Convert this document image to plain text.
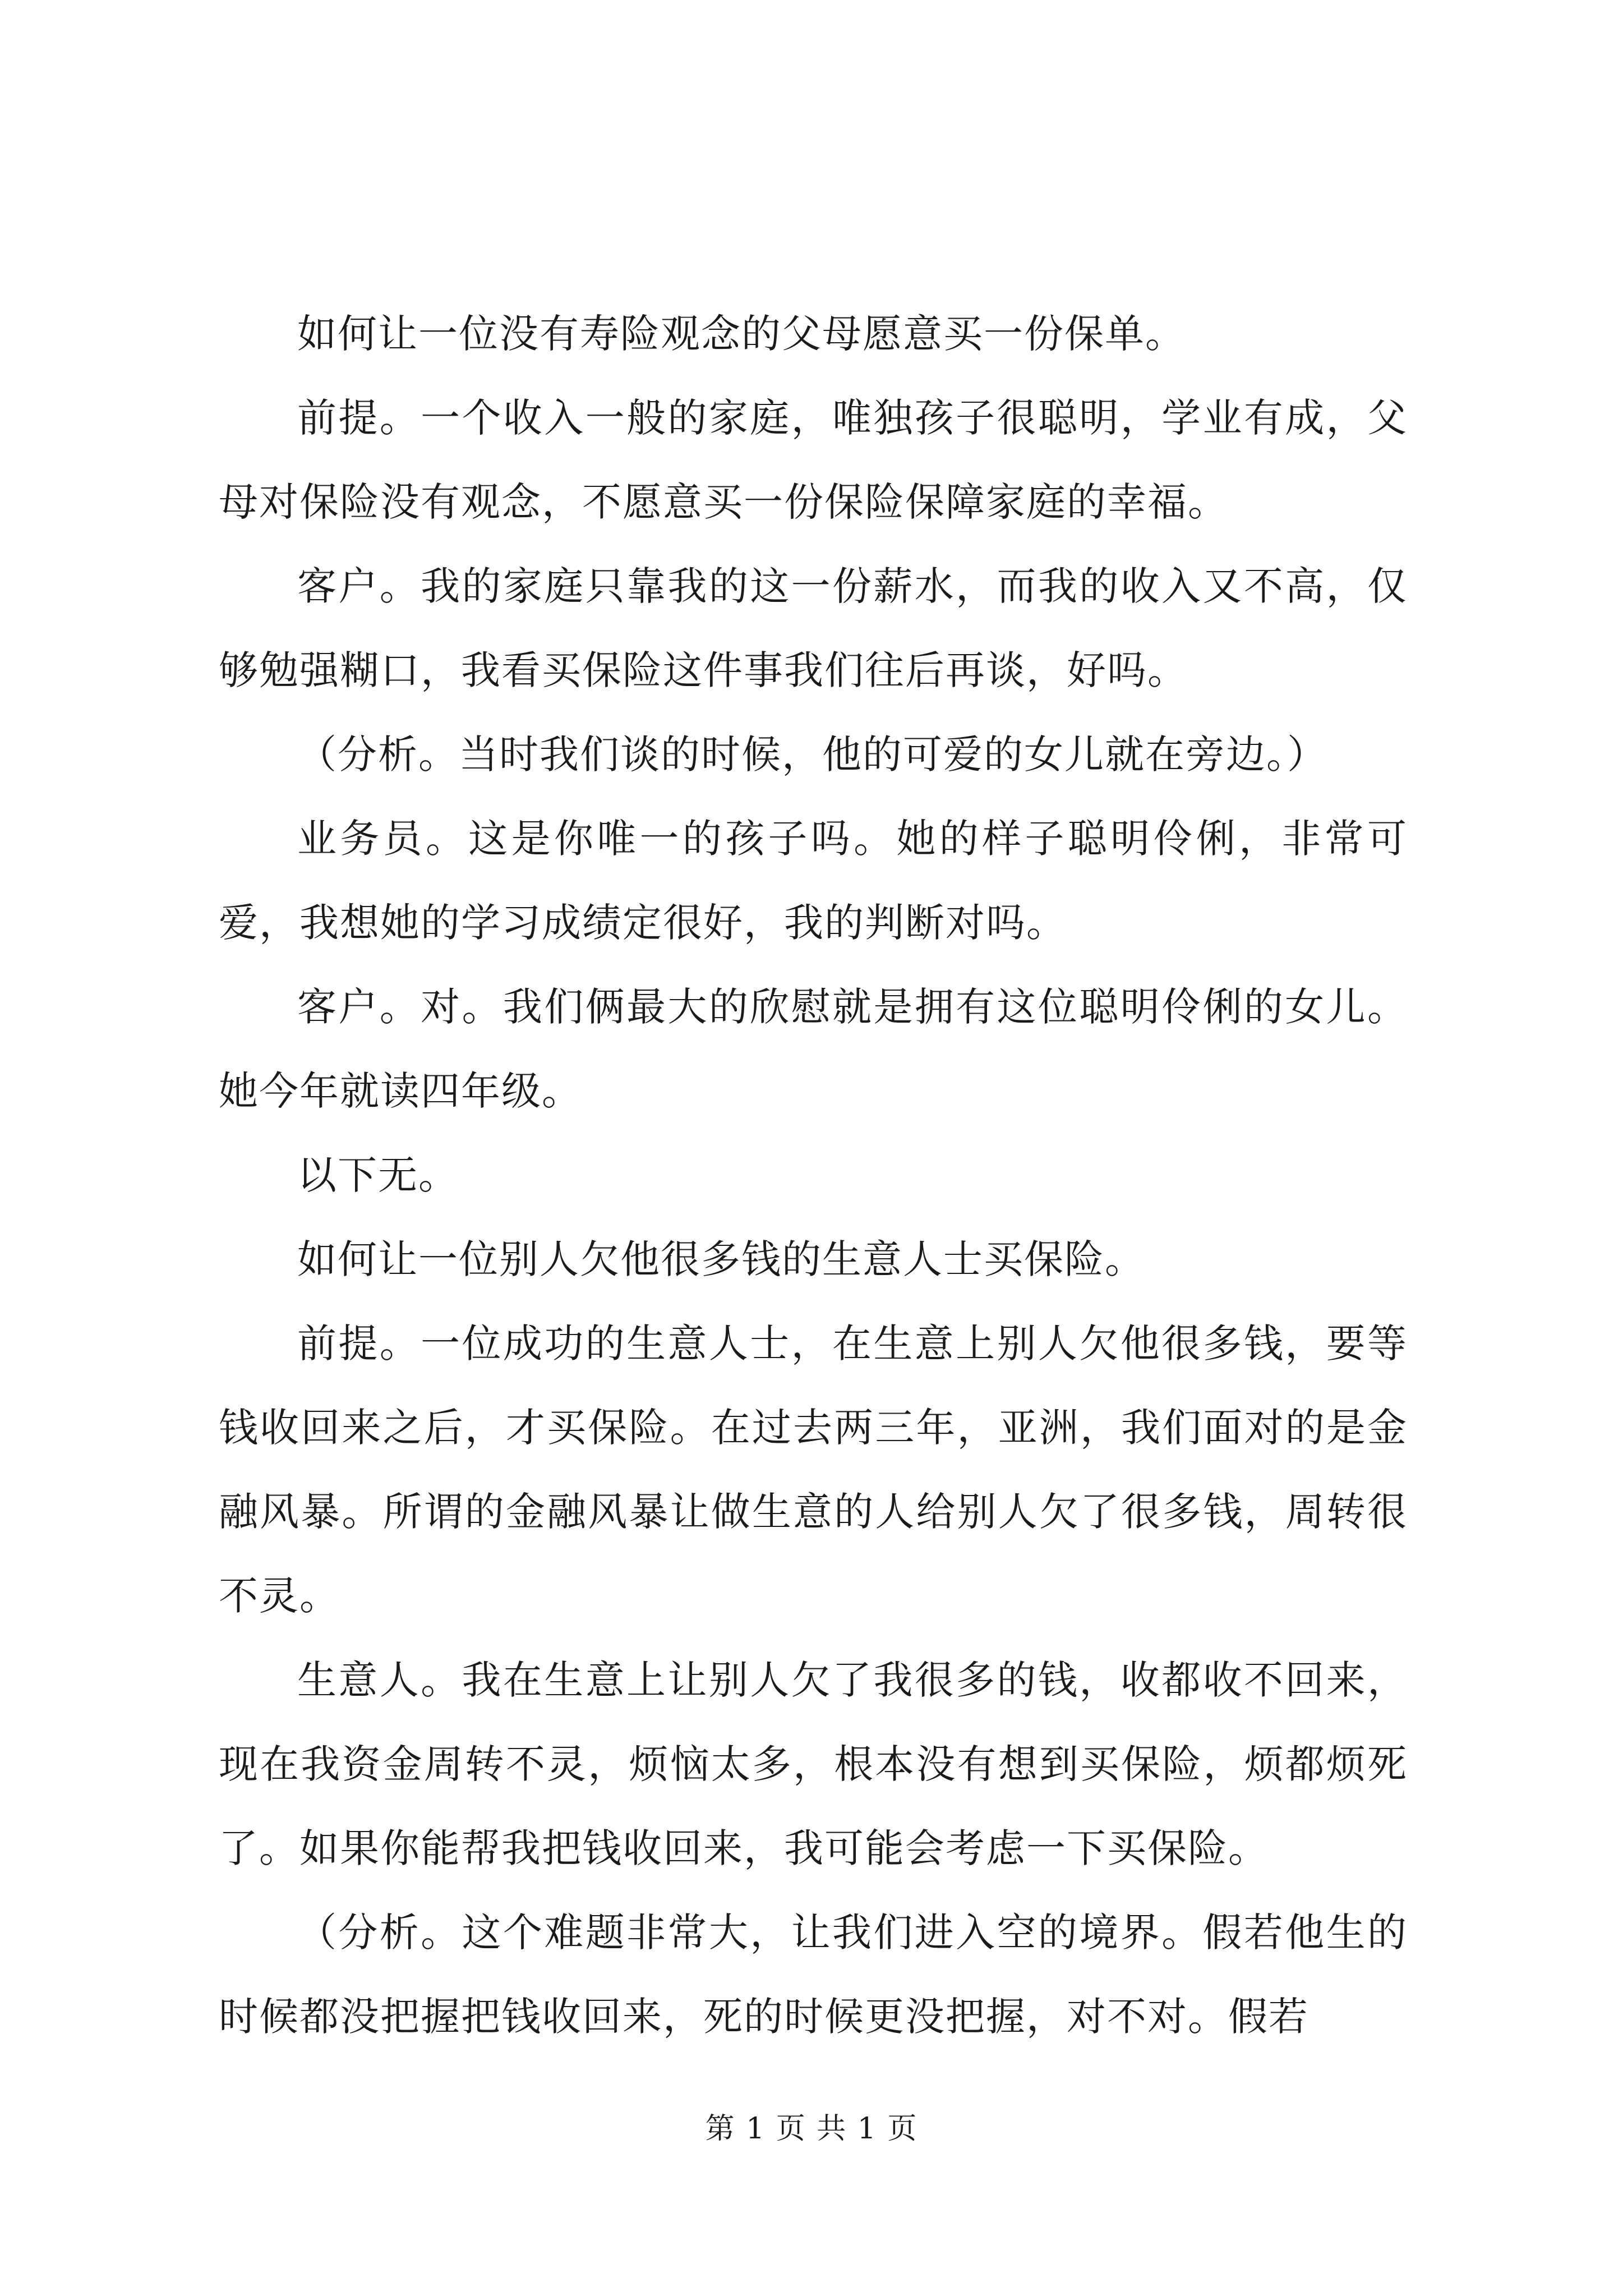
如何让一位没有寿险观念的父母愿意买一份保单。

前提。一个收入一般的家庭，唯独孩子很聪明，学业有成，父母对保险没有观念，不愿意买一份保险保障家庭的幸福。

客户。我的家庭只靠我的这一份薪水，而我的收入又不高，仅够勉强糊口，我看买保险这件事我们往后再谈，好吗。

（分析。当时我们谈的时候，他的可爱的女儿就在旁边。）

业务员。这是你唯一的孩子吗。她的样子聪明伶俐，非常可爱，我想她的学习成绩定很好，我的判断对吗。

客户。对。我们俩最大的欣慰就是拥有这位聪明伶俐的女儿。她今年就读四年级。

以下无。

如何让一位别人欠他很多钱的生意人士买保险。

前提。一位成功的生意人士，在生意上别人欠他很多钱，要等钱收回来之后，才买保险。在过去两三年，亚洲，我们面对的是金融风暴。所谓的金融风暴让做生意的人给别人欠了很多钱，周转很不灵。

生意人。我在生意上让别人欠了我很多的钱，收都收不回来，现在我资金周转不灵，烦恼太多，根本没有想到买保险，烦都烦死了。如果你能帮我把钱收回来，我可能会考虑一下买保险。

（分析。这个难题非常大，让我们进入空的境界。假若他生的时候都没把握把钱收回来，死的时候更没把握，对不对。假若

第 1 页 共 1 页
